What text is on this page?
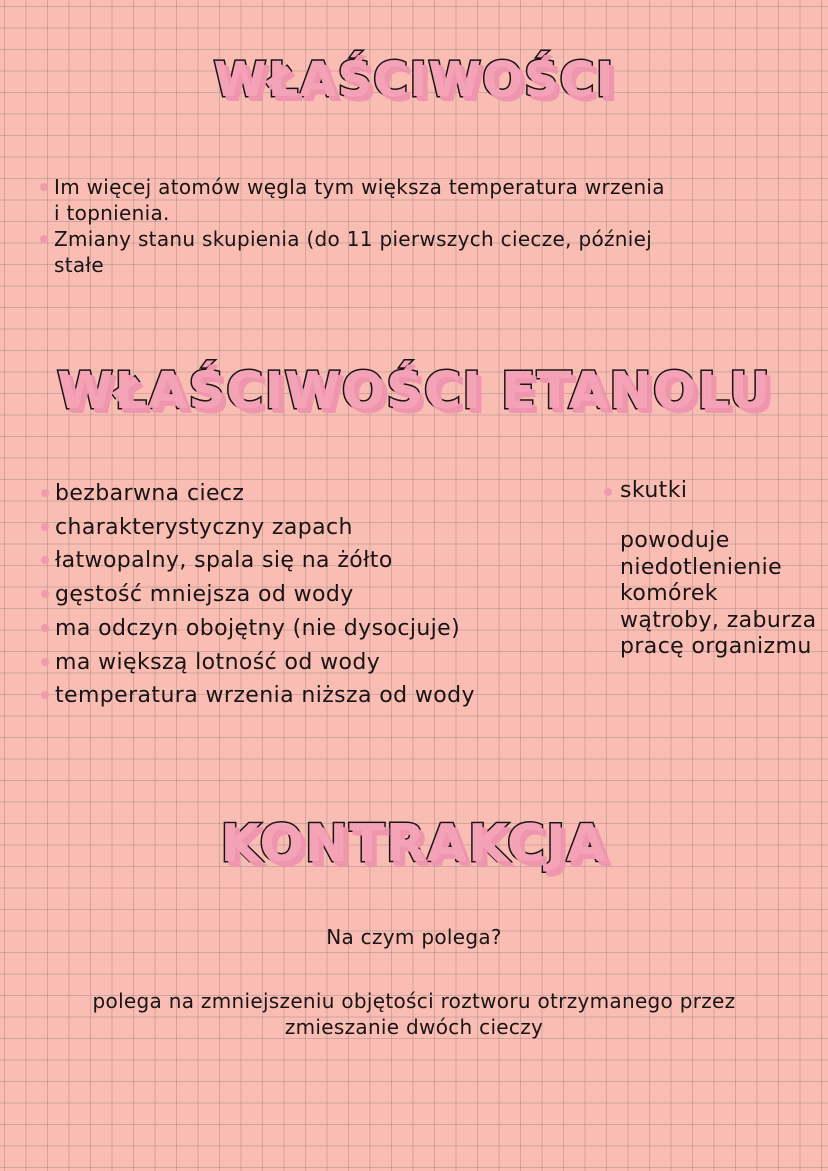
WŁAŚCIWOŚCI
Im więcej atomów węgla tym większa temperatura wrzenia i topnienia.
Zmiany stanu skupienia (do 11 pierwszych ciecze, później stałe
WŁAŚCIWOŚCI ETANOLU
bezbarwna ciecz
charakterystyczny zapach
łatwopalny, spala się na żółto
gęstość mniejsza od wody
ma odczyn obojętny (nie dysocjuje)
ma większą lotność od wody
temperatura wrzenia niższa od wody
skutki
powoduje niedotlenienie komórek wątroby, zaburza pracę organizmu
KONTRAKCJA
Na czym polega?
polega na zmniejszeniu objętości roztworu otrzymanego przez zmieszanie dwóch cieczy
